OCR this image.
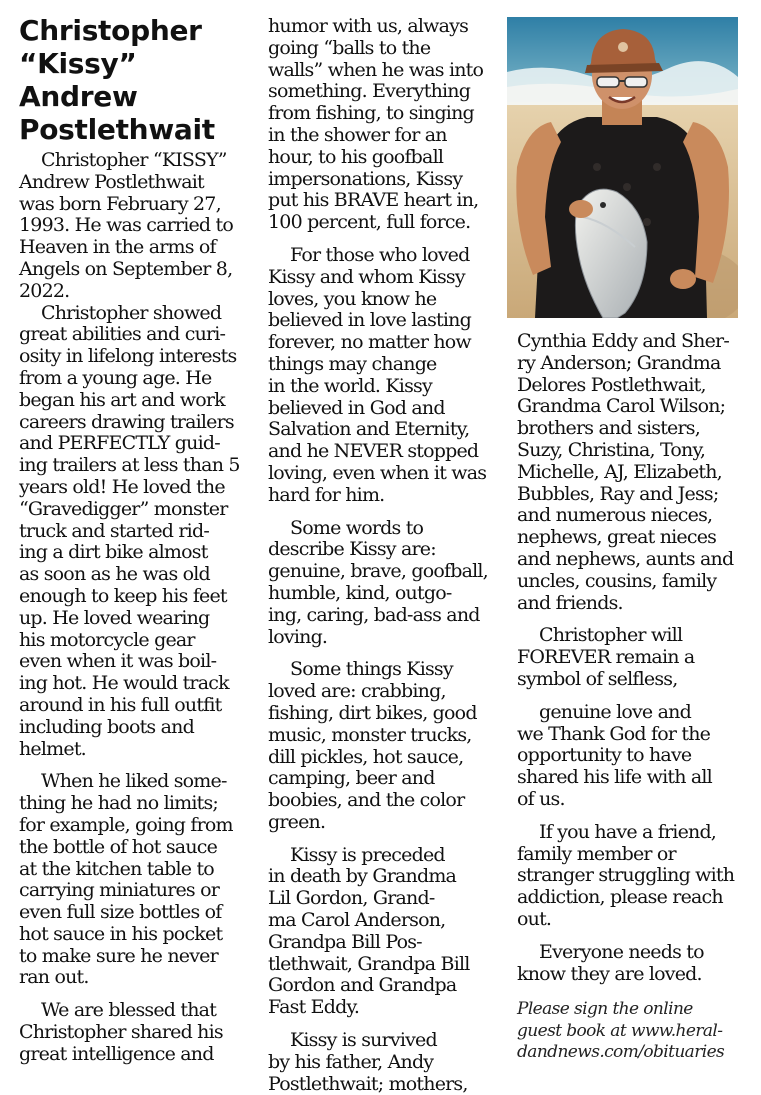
Christopher
“Kissy”
Andrew
Postlethwait

Christopher “KISSY”
Andrew Postlethwait
was born February 27,
1993. He was carried to
Heaven in the arms of
Angels on September 8,
2022.

Christopher showed
great abilities and curi-
osity in lifelong interests
from a young age. He
began his art and work
careers drawing trailers
and PERFECTLY guid-
ing trailers at less than 5
years old! He loved the
“Gravedigger” monster
truck and started rid-
ing a dirt bike almost
as soon as he was old
enough to keep his feet
up. He loved wearing
his motorcycle gear
even when it was boil-
ing hot. He would track
around in his full outfit
including boots and
helmet.

When he liked some-
thing he had no limits;
for example, going from
the bottle of hot sauce
at the kitchen table to
carrying miniatures or
even full size bottles of
hot sauce in his pocket
to make sure he never
ran out.

We are blessed that
Christopher shared his
great intelligence and

humor with us, always
going “balls to the
walls” when he was into
something. Everything
from fishing, to singing
in the shower for an
hour, to his goofball
impersonations, Kissy
put his BRAVE heart in,
100 percent, full force.

For those who loved
Kissy and whom Kissy
loves, you know he
believed in love lasting
forever, no matter how
things may change
in the world. Kissy
believed in God and
Salvation and Eternity,
and he NEVER stopped
loving, even when it was
hard for him.

Some words to
describe Kissy are:
genuine, brave, goofball,
humble, kind, outgo-
ing, caring, bad-ass and
loving.

Some things Kissy
loved are: crabbing,
fishing, dirt bikes, good
music, monster trucks,
dill pickles, hot sauce,
camping, beer and
boobies, and the color
green.

Kissy is preceded
in death by Grandma
Lil Gordon, Grand-
ma Carol Anderson,
Grandpa Bill Pos-
tlethwait, Grandpa Bill
Gordon and Grandpa
Fast Eddy.

Kissy is survived
by his father, Andy
Postlethwait; mothers,

Cynthia Eddy and Sher-
ry Anderson; Grandma
Delores Postlethwait,
Grandma Carol Wilson;
brothers and sisters,
Suzy, Christina, Tony,
Michelle, AJ, Elizabeth,
Bubbles, Ray and Jess;
and numerous nieces,
nephews, great nieces
and nephews, aunts and
uncles, cousins, family
and friends.

Christopher will
FOREVER remain a
symbol of selfless,

genuine love and
we Thank God for the
opportunity to have
shared his life with all
of us.

If you have a friend,
family member or
stranger struggling with
addiction, please reach
out.

Everyone needs to
know they are loved.

Please sign the online
guest book at www.heral-
dandnews.com/obituaries
